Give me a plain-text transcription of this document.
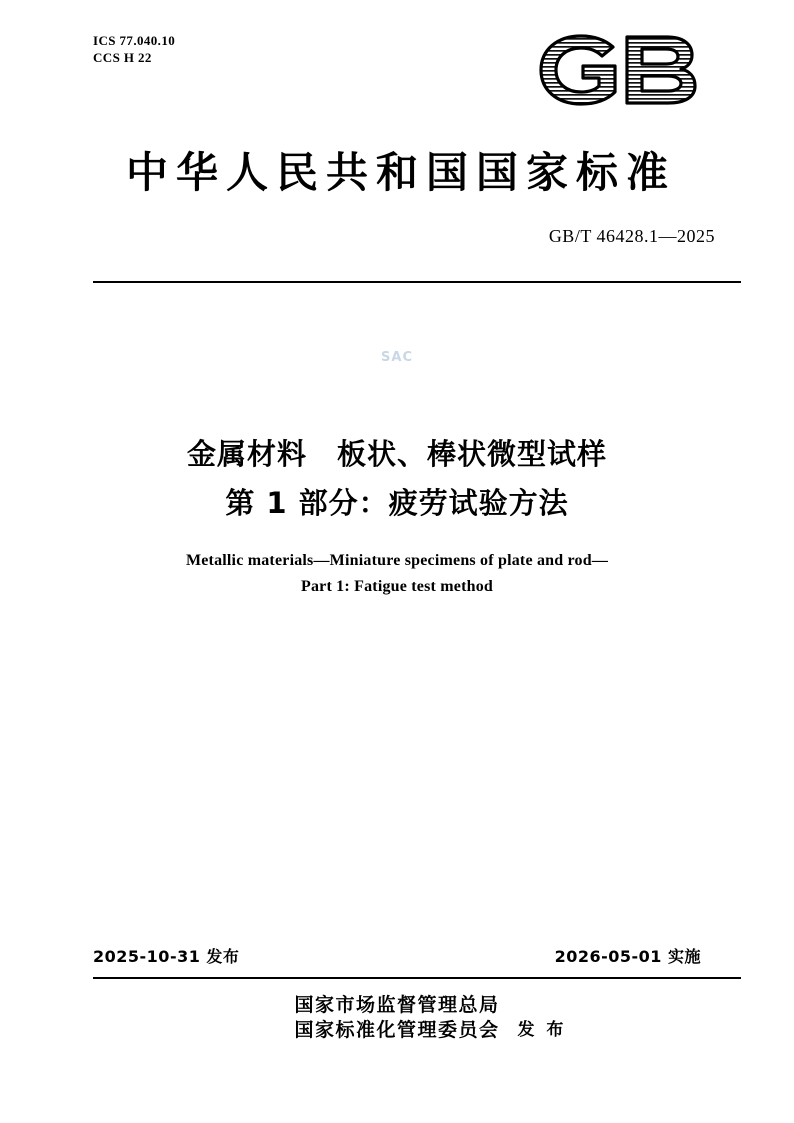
ICS 77.040.10
CCS H 22
中华人民共和国国家标准
GB/T 46428.1—2025
SAC
金属材料　板状、棒状微型试样
第 1 部分：疲劳试验方法
Metallic materials—Miniature specimens of plate and rod—
Part 1: Fatigue test method
2025-10-31 发布	2026-05-01 实施
国家市场监督管理总局
国家标准化管理委员会 发 布
